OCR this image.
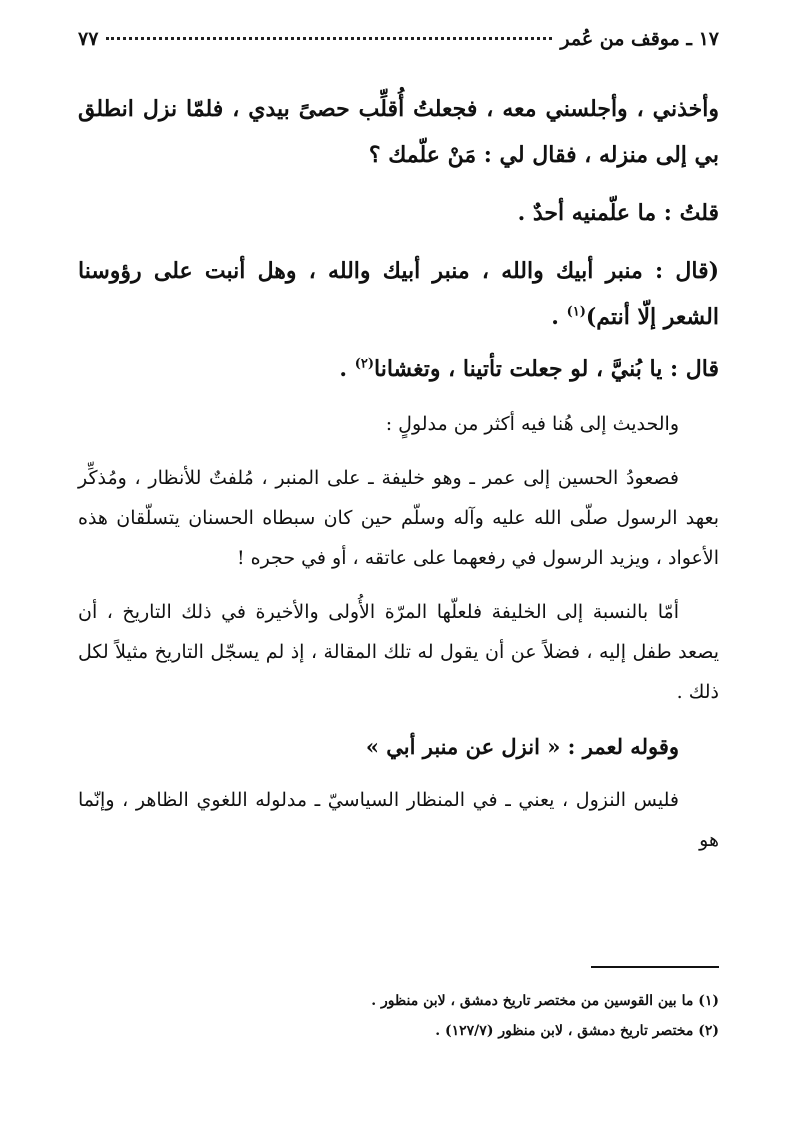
١٧ ـ موقف من عُمر
٧٧

وأخذني ، وأجلسني معه ، فجعلتُ أُقلِّب حصىً بيدي ، فلمّا نزل انطلق بي إلى منزله ، فقال لي : مَنْ علّمك ؟

قلتُ : ما علّمنيه أحدٌ .

(قال : منبر أبيك والله ، منبر أبيك والله ، وهل أنبت على رؤوسنا الشعر إلّا أنتم)$^{(١)}$ .

قال : يا بُنيَّ ، لو جعلت تأتينا ، وتغشانا$^{(٢)}$ .

والحديث إلى هُنا فيه أكثر من مدلولٍ :

فصعودُ الحسين إلى عمر ـ وهو خليفة ـ على المنبر ، مُلفتٌ للأنظار ، ومُذكِّر بعهد الرسول صلّى الله عليه وآله وسلّم حين كان سبطاه الحسنان يتسلّقان هذه الأعواد ، ويزيد الرسول في رفعهما على عاتقه ، أو في حجره !

أمّا بالنسبة إلى الخليفة فلعلّها المرّة الأُولى والأخيرة في ذلك التاريخ ، أن يصعد طفل إليه ، فضلاً عن أن يقول له تلك المقالة ، إذ لم يسجّل التاريخ مثيلاً لكل ذلك .

وقوله لعمر : « انزل عن منبر أبي »

فليس النزول ، يعني ـ في المنظار السياسيّ ـ مدلوله اللغوي الظاهر ، وإنّما هو

(١) ما بين القوسين من مختصر تاريخ دمشق ، لابن منظور .

(٢) مختصر تاريخ دمشق ، لابن منظور (١٢٧/٧) .
